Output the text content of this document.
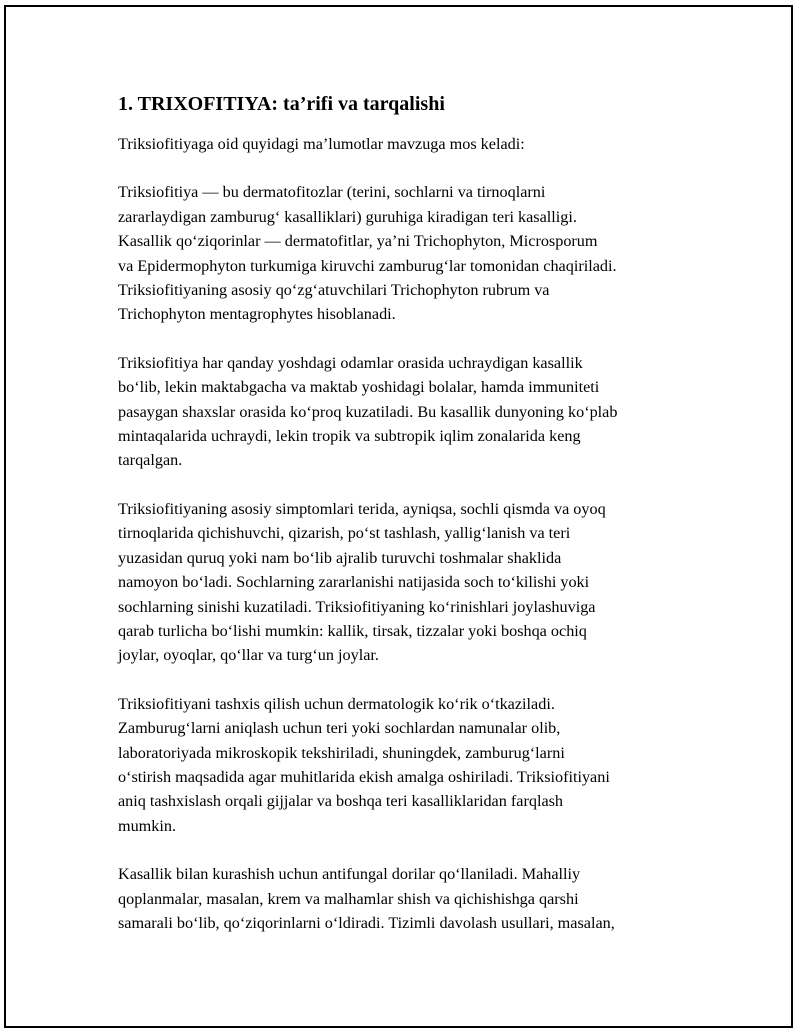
1. TRIXOFITIYA: ta’rifi va tarqalishi

Triksiofitiyaga oid quyidagi ma’lumotlar mavzuga mos keladi:

Triksiofitiya — bu dermatofitozlar (terini, sochlarni va tirnoqlarni
zararlaydigan zamburug‘ kasalliklari) guruhiga kiradigan teri kasalligi.
Kasallik qo‘ziqorinlar — dermatofitlar, ya’ni Trichophyton, Microsporum
va Epidermophyton turkumiga kiruvchi zamburug‘lar tomonidan chaqiriladi.
Triksiofitiyaning asosiy qo‘zg‘atuvchilari Trichophyton rubrum va
Trichophyton mentagrophytes hisoblanadi.

Triksiofitiya har qanday yoshdagi odamlar orasida uchraydigan kasallik
bo‘lib, lekin maktabgacha va maktab yoshidagi bolalar, hamda immuniteti
pasaygan shaxslar orasida ko‘proq kuzatiladi. Bu kasallik dunyoning ko‘plab
mintaqalarida uchraydi, lekin tropik va subtropik iqlim zonalarida keng
tarqalgan.

Triksiofitiyaning asosiy simptomlari terida, ayniqsa, sochli qismda va oyoq
tirnoqlarida qichishuvchi, qizarish, po‘st tashlash, yallig‘lanish va teri
yuzasidan quruq yoki nam bo‘lib ajralib turuvchi toshmalar shaklida
namoyon bo‘ladi. Sochlarning zararlanishi natijasida soch to‘kilishi yoki
sochlarning sinishi kuzatiladi. Triksiofitiyaning ko‘rinishlari joylashuviga
qarab turlicha bo‘lishi mumkin: kallik, tirsak, tizzalar yoki boshqa ochiq
joylar, oyoqlar, qo‘llar va turg‘un joylar.

Triksiofitiyani tashxis qilish uchun dermatologik ko‘rik o‘tkaziladi.
Zamburug‘larni aniqlash uchun teri yoki sochlardan namunalar olib,
laboratoriyada mikroskopik tekshiriladi, shuningdek, zamburug‘larni
o‘stirish maqsadida agar muhitlarida ekish amalga oshiriladi. Triksiofitiyani
aniq tashxislash orqali gijjalar va boshqa teri kasalliklaridan farqlash
mumkin.

Kasallik bilan kurashish uchun antifungal dorilar qo‘llaniladi. Mahalliy
qoplanmalar, masalan, krem va malhamlar shish va qichishishga qarshi
samarali bo‘lib, qo‘ziqorinlarni o‘ldiradi. Tizimli davolash usullari, masalan,
